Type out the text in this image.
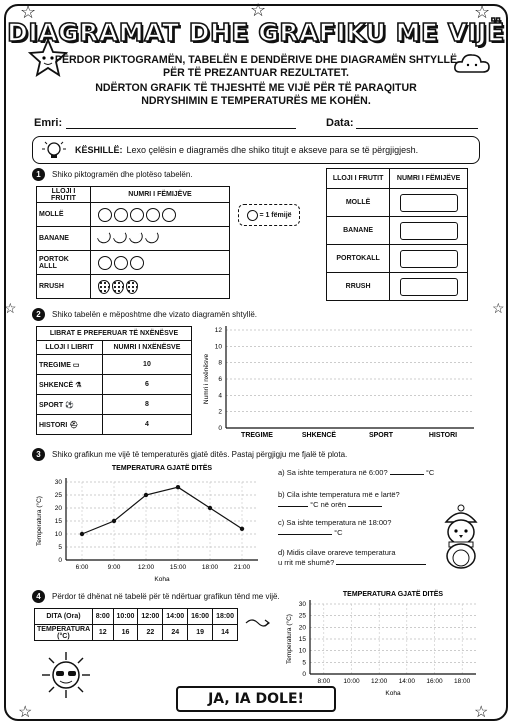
☆	☆	☆
☆	☆
☆	☆
DIAGRAMAT DHE GRAFIKU ME VIJË
PËRDOR PIKTOGRAMËN, TABELËN E DENDËRIVE DHE DIAGRAMËN SHTYLLË
PËR TË PREZANTUAR REZULTATET.
NDËRTON GRAFIK TË THJESHTË ME VIJË PËR TË PARAQITUR
NDRYSHIMIN E TEMPERATURËS ME KOHËN.
Emri:	Data:
KËSHILLË: Lexo çelësin e diagramës dhe shiko titujt e akseve para se të përgjigjesh.
1	Shiko piktogramën dhe plotëso tabelën.
LLOJI I FRUTIT	NUMRI I FËMIJËVE
MOLLË	
BANANE	
PORTOK ALLL	
RRUSH	
= 1 fëmijë
LLOJI I FRUTIT	NUMRI I FËMIJËVE
MOLLË	

BANANE	

PORTOKALL	

RRUSH	
2	Shiko tabelën e mëposhtme dhe vizato diagramën shtyllë.
LIBRAT E PREFERUAR TË NXËNËSVE	
LLOJI I LIBRIT	NUMRI I NXËNËSVE
TREGIME ▭	10
SHKENCË ⚗	6
SPORT ⚽	8
HISTORI ⛑	4
0
2
4
6
8
10
12
TREGIME	SHKENCË	SPORT	HISTORI
Numri i nxënësve
3	Shiko grafikun me vijë të temperaturës gjatë ditës. Pastaj përgjigju me fjalë të plota.
TEMPERATURA GJATË DITËS
0
5
10
15
20
25
30
6:00	9:00	12:00 15:00 18:00 21:00
Koha
Temperatura (°C)
a) Sa ishte temperatura në 6:00?	°C
b) Cila ishte temperatura më e lartë?
°C në orën
c) Sa ishte temperatura në 18:00?
°C
d) Midis cilave orareve temperatura
u rrit më shumë?
4	Përdor të dhënat në tabelë për të ndërtuar grafikun tënd me vijë.
DITA (Ora)	8:00	10:00	12:00	14:00	16:00	18:00
TEMPERATURA (°C)	12	16	22	24	19	14
TEMPERATURA GJATË DITËS
0
5
10
15
20
25
30
8:00 10:00 12:00 14:00 16:00 18:00
Koha
Temperatura (°C)
JA, IA DOLE!
